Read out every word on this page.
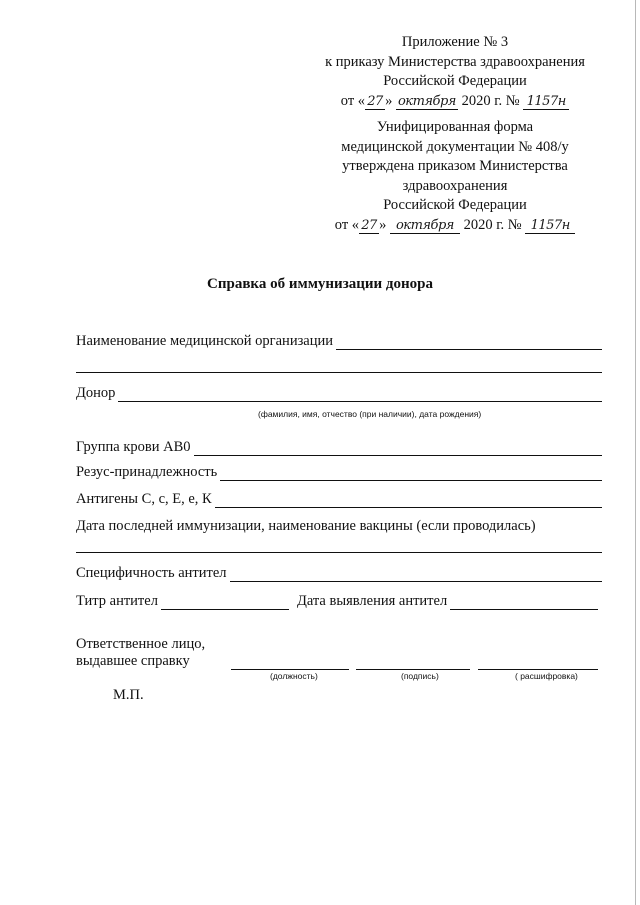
Приложение № 3
к приказу Министерства здравоохранения
Российской Федерации
от « 27 » октября 2020 г. № 1157н
Унифицированная форма
медицинской документации № 408/у
утверждена приказом Министерства
здравоохранения
Российской Федерации
от « 27 » октября 2020 г. № 1157н
Справка об иммунизации донора
Наименование медицинской организации
Донор
(фамилия, имя, отчество (при наличии), дата рождения)
Группа крови АВ0
Резус-принадлежность
Антигены С, с, Е, е, К
Дата последней иммунизации, наименование вакцины (если проводилась)
Специфичность антител
Титр антител	Дата выявления антител
Ответственное лицо,
выдавшее справку
(должность)	(подпись)	( расшифровка)
М.П.
